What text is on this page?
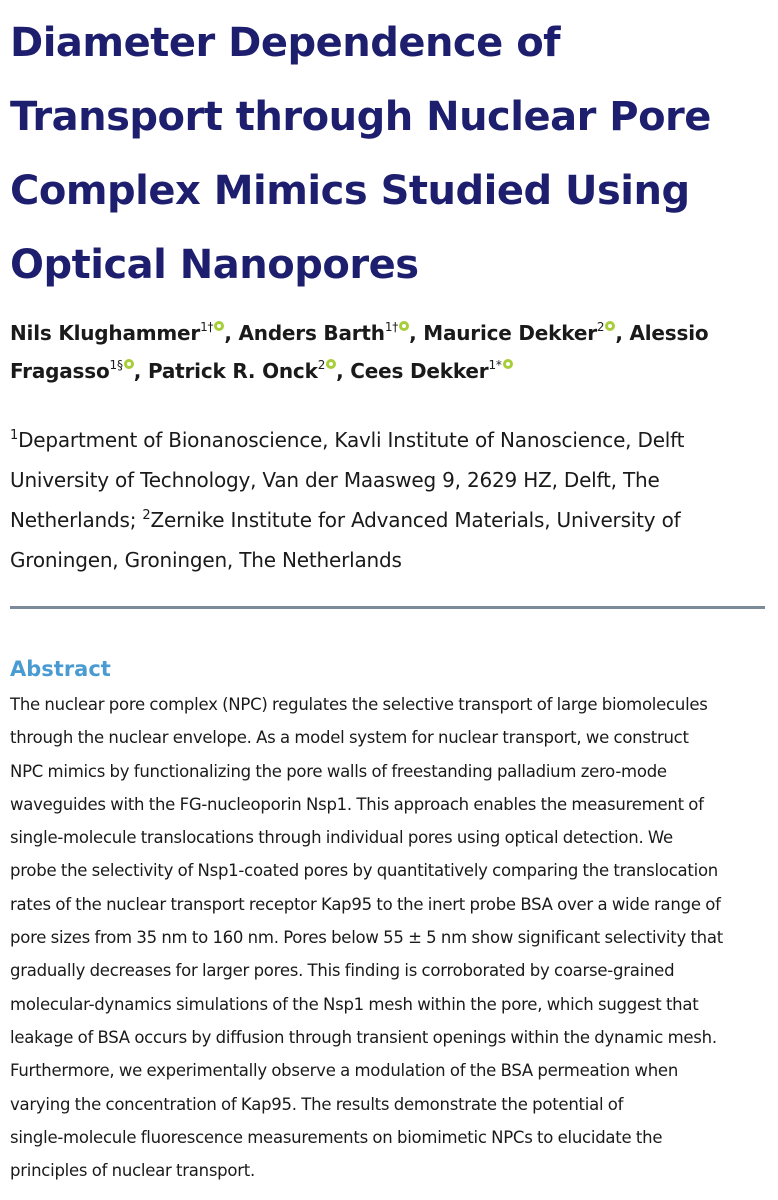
Diameter Dependence of Transport through Nuclear Pore Complex Mimics Studied Using Optical Nanopores
Nils Klughammer$^{1\dagger}$ , Anders Barth$^{1\dagger}$ , Maurice Dekker$^2$ , Alessio Fragasso$^{1\S}$ , Patrick R. Onck$^2$ , Cees Dekker$^{1*}$
$^1$Department of Bionanoscience, Kavli Institute of Nanoscience, Delft University of Technology, Van der Maasweg 9, 2629 HZ, Delft, The Netherlands; $^2$Zernike Institute for Advanced Materials, University of Groningen, Groningen, The Netherlands
Abstract
The nuclear pore complex (NPC) regulates the selective transport of large biomolecules
through the nuclear envelope. As a model system for nuclear transport, we construct
NPC mimics by functionalizing the pore walls of freestanding palladium zero-mode
waveguides with the FG-nucleoporin Nsp1. This approach enables the measurement of
single-molecule translocations through individual pores using optical detection. We
probe the selectivity of Nsp1-coated pores by quantitatively comparing the translocation
rates of the nuclear transport receptor Kap95 to the inert probe BSA over a wide range of
pore sizes from 35 nm to 160 nm. Pores below 55 ± 5 nm show significant selectivity that
gradually decreases for larger pores. This finding is corroborated by coarse-grained
molecular-dynamics simulations of the Nsp1 mesh within the pore, which suggest that
leakage of BSA occurs by diffusion through transient openings within the dynamic mesh.
Furthermore, we experimentally observe a modulation of the BSA permeation when
varying the concentration of Kap95. The results demonstrate the potential of
single-molecule fluorescence measurements on biomimetic NPCs to elucidate the
principles of nuclear transport.
